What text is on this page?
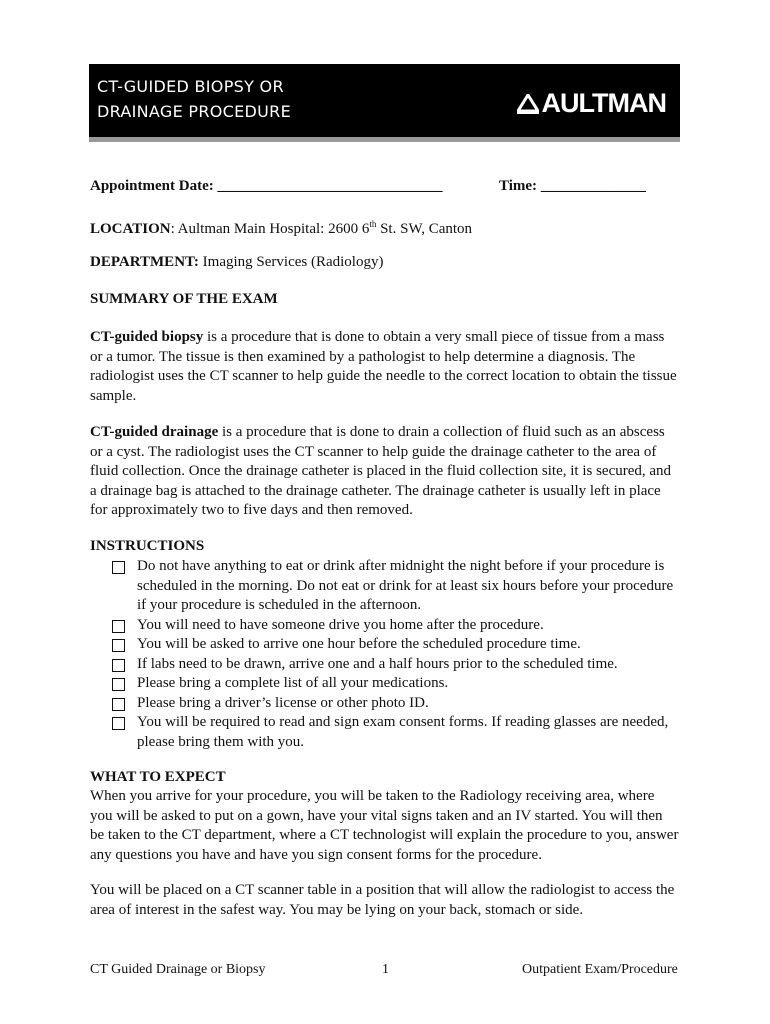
CT-GUIDED BIOPSY OR
DRAINAGE PROCEDURE	AULTMAN
Appointment Date: ______________________________	Time: ______________
LOCATION: Aultman Main Hospital: 2600 6th St. SW, Canton
DEPARTMENT: Imaging Services (Radiology)
SUMMARY OF THE EXAM
CT-guided biopsy is a procedure that is done to obtain a very small piece of tissue from a mass or a tumor. The tissue is then examined by a pathologist to help determine a diagnosis. The radiologist uses the CT scanner to help guide the needle to the correct location to obtain the tissue sample.
CT-guided drainage is a procedure that is done to drain a collection of fluid such as an abscess or a cyst. The radiologist uses the CT scanner to help guide the drainage catheter to the area of fluid collection. Once the drainage catheter is placed in the fluid collection site, it is secured, and a drainage bag is attached to the drainage catheter. The drainage catheter is usually left in place for approximately two to five days and then removed.
INSTRUCTIONS
Do not have anything to eat or drink after midnight the night before if your procedure is scheduled in the morning. Do not eat or drink for at least six hours before your procedure if your procedure is scheduled in the afternoon.
You will need to have someone drive you home after the procedure.
You will be asked to arrive one hour before the scheduled procedure time.
If labs need to be drawn, arrive one and a half hours prior to the scheduled time.
Please bring a complete list of all your medications.
Please bring a driver’s license or other photo ID.
You will be required to read and sign exam consent forms. If reading glasses are needed, please bring them with you.
WHAT TO EXPECT
When you arrive for your procedure, you will be taken to the Radiology receiving area, where you will be asked to put on a gown, have your vital signs taken and an IV started. You will then be taken to the CT department, where a CT technologist will explain the procedure to you, answer any questions you have and have you sign consent forms for the procedure.
You will be placed on a CT scanner table in a position that will allow the radiologist to access the area of interest in the safest way. You may be lying on your back, stomach or side.
CT Guided Drainage or Biopsy	1	Outpatient Exam/Procedure
